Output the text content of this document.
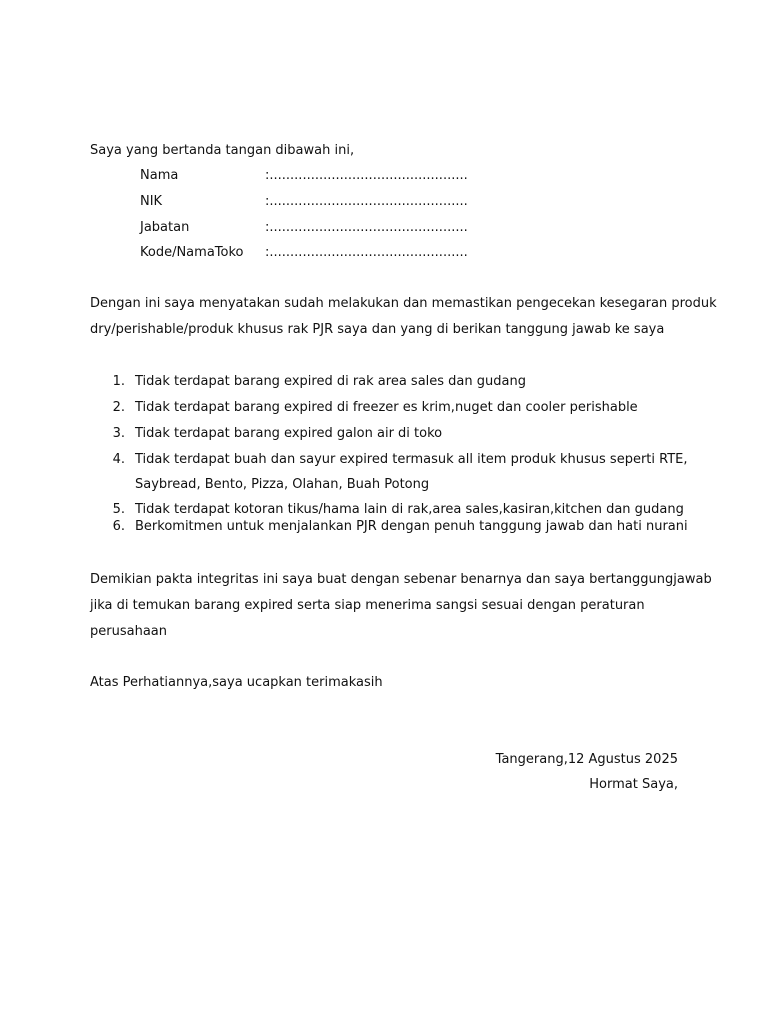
Saya yang bertanda tangan dibawah ini,
Nama	:................................................
NIK	:................................................
Jabatan	:................................................
Kode/NamaToko :................................................
Dengan ini saya menyatakan sudah melakukan dan memastikan pengecekan kesegaran produk
dry/perishable/produk khusus rak PJR saya dan yang di berikan tanggung jawab ke saya
1. Tidak terdapat barang expired di rak area sales dan gudang
2. Tidak terdapat barang expired di freezer es krim,nuget dan cooler perishable
3. Tidak terdapat barang expired galon air di toko
4. Tidak terdapat buah dan sayur expired termasuk all item produk khusus seperti RTE,
Saybread, Bento, Pizza, Olahan, Buah Potong
5. Tidak terdapat kotoran tikus/hama lain di rak,area sales,kasiran,kitchen dan gudang
6. Berkomitmen untuk menjalankan PJR dengan penuh tanggung jawab dan hati nurani
Demikian pakta integritas ini saya buat dengan sebenar benarnya dan saya bertanggungjawab
jika di temukan barang expired serta siap menerima sangsi sesuai dengan peraturan
perusahaan
Atas Perhatiannya,saya ucapkan terimakasih
Tangerang,12 Agustus 2025
Hormat Saya,
